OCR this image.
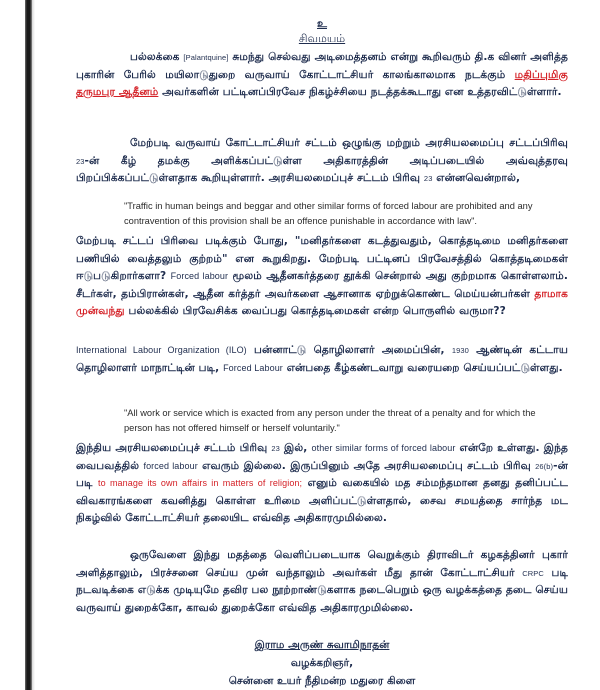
உ
சிவமயம்

பல்லக்கை [Palantquine] சுமந்து செல்வது அடிமைத்தனம் என்று கூறிவரும் தி.க வினர் அளித்த புகாரின் பேரில் மயிலாடுதுறை வருவாய் கோட்டாட்சியர் காலங்காலமாக நடக்கும் மதிப்புமிகு தருமபுர ஆதீனம் அவர்களின் பட்டினப்பிரவேச நிகழ்ச்சியை நடத்தக்கூடாது என உத்தரவிட்டுள்ளார்.

மேற்படி வருவாய் கோட்டாட்சியர் சட்டம் ஒழுங்கு மற்றும் அரசியலமைப்பு சட்டப்பிரிவு 23-ன் கீழ் தமக்கு அளிக்கப்பட்டுள்ள அதிகாரத்தின் அடிப்படையில் அவ்வுத்தரவு பிறப்பிக்கப்பட்டுள்ளதாக கூறியுள்ளார். அரசியலமைப்புச் சட்டம் பிரிவு 23 என்னவென்றால்,

"Traffic in human beings and beggar and other similar forms of forced labour are prohibited and any contravention of this provision shall be an offence punishable in accordance with law".

மேற்படி சட்டப் பிரிவை படிக்கும் போது, "மனிதர்களை கடத்துவதும், கொத்தடிமை மனிதர்களை பணியில் வைத்தலும் குற்றம்" என கூறுகிறது. மேற்படி பட்டினப் பிரவேசத்தில் கொத்தடிமைகள் ஈடுபடுகிறார்களா? Forced labour மூலம் ஆதீனகர்த்தரை தூக்கி சென்றால் அது குற்றமாக கொள்ளலாம். சீடர்கள், தம்பிரான்கள், ஆதீன கர்த்தர் அவர்களை ஆசானாக ஏற்றுக்கொண்ட மெய்யன்பர்கள் தாமாக முன்வந்து பல்லக்கில் பிரவேசிக்க வைப்பது கொத்தடிமைகள் என்ற பொருளில் வருமா??

International Labour Organization (ILO) பன்னாட்டு தொழிலாளர் அமைப்பின், 1930 ஆண்டின் கட்டாய தொழிலாளர் மாநாட்டின் படி, Forced Labour என்பதை கீழ்கண்டவாறு வரையறை செய்யப்பட்டுள்ளது.

"All work or service which is exacted from any person under the threat of a penalty and for which the person has not offered himself or herself voluntarily."

இந்திய அரசியலமைப்புச் சட்டம் பிரிவு 23 இல், other similar forms of forced labour என்றே உள்ளது. இந்த வைபவத்தில் forced labour எவரும் இல்லை. இருப்பினும் அதே அரசியலமைப்பு சட்டம் பிரிவு 26(b)-ன் படி to manage its own affairs in matters of religion; எனும் வகையில் மத சம்மந்தமான தனது தனிப்பட்ட விவகாரங்களை கவனித்து கொள்ள உரிமை அளிப்பட்டுள்ளதால், சைவ சமயத்தை சார்ந்த மட நிகழ்வில் கோட்டாட்சியர் தலையிட எவ்வித அதிகாரமுமில்லை.

ஒருவேளை இந்து மதத்தை வெளிப்படையாக வெறுக்கும் திராவிடர் கழகத்தினர் புகார் அளித்தாலும், பிரச்சனை செய்ய முன் வந்தாலும் அவர்கள் மீது தான் கோட்டாட்சியர் CRPC படி நடவடிக்கை எடுக்க முடியுமே தவிர பல நூற்றாண்டுகளாக நடைபெறும் ஒரு வழக்கத்தை தடை செய்ய வருவாய் துறைக்கோ, காவல் துறைக்கோ எவ்வித அதிகாரமுமில்லை.

இராம அருண் சுவாமிநாதன்
வழக்கறிஞர்,
சென்னை உயர் நீதிமன்ற மதுரை கிளை
